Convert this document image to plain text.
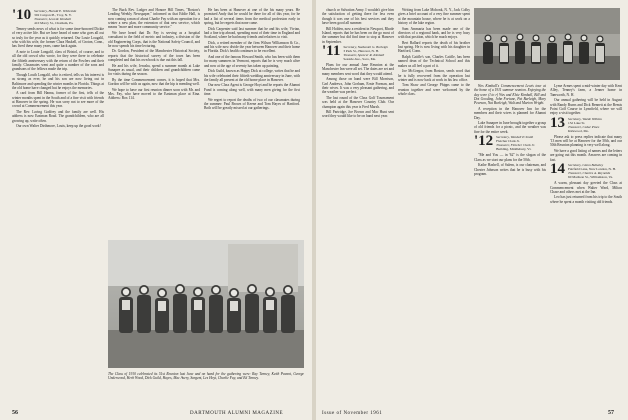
'10 Secretary, Harold E. Whiteside
302 Canyon Pl., Troy, N. Y.
Treasurer, Leon R. Kimball
410 Marcy St., Chatham, Pa.

Tenney sends news of what is for some time-honored Dickie of very active life. But we have heard of none who goes all out so truly for the year as it quickly returned. Our Louie Lougalil, who with his wife, the former Clara Haskell, of Groton, Conn., has lived these many years, came back again.

A note to Louie Longalil, class of Bristol, of course, and to all the old crowd who wrote, for they were there to celebrate the fiftieth anniversary with the return of the Fowlers and their family. Classmates went and quite a number of the sons and grandsons of the fellows made the trip.

Though Louth Longalil, who is retired, tells us his interest is as strong as ever, he and his son are now living out in Baltimore and spending the winter months in Florida. Things at the old home have changed but he enjoys the memories.

A card from Bill Hanna, former of the first, tells of the winter months spent in the South and of a fine visit with friends at Hanover in the spring. He was sorry not to see more of the crowd at Commencement this year.

The Rev. Loring Godfrey and the family are well. His address is now Eastman Road. The grandchildren, who are all growing up, write often.

Our own Walter Dirthmore, Louis, keep up the good work!

The Buck Rev. Lodger and Honore Hill Times, "Boston's Leading Weekly Newspaper," informed us that Eddie Hall, is now coming a man of about Charlie Fay with an operation for a winter a new plan, the extension of that new service, which means "more and more community service."

We have heard that Dr. Fay is serving as a hospital consultant to the field of metric and industry, a division of the old Engineering Corps, that is the National Safety Council, and he now spends his time lecturing.

Dr. Gordon, President of the Manchester Historical Society, reports that the historical survey of the town has been completed and that his own book is due out this fall.

He and his wife, Jerusha, spend a summer month at Lake Sunapee as usual, and their children and grandchildren came for visits during the season.

By the time Commencement comes, it is hoped that Mrs. Gordon will be with us again, now that the hip is mending well.

We hope to have our first reunion dinner soon with Mr. and Mrs. Fay, who have moved to the Eastman place at Etna. Address: Box 114.

He has been at Hanover at one of the his many years. He promised Andy that he would be there for all of this year, for he had a list of several items from the medical profession early in spring, but he regrets that none came.

Dick Carpenter said last summer that he and his wife, Vivian, had a fine trip abroad, spending most of their time in England and Scotland, where he had many friends and relatives to visit.

Dick, a retired member of the firm Wilson Williamson & Co., and his wife now divide the year between Hanover and their home in Florida. Dick's health continues to be excellent.

And one of the famous Howard Smith, who has been with them for many summers in Vermont, reports that he is very much alive and now at the age of seventy has taken up painting.

Dick Guild, known as Happy Dick at college, writes that he and his wife celebrated their fiftieth wedding anniversary in June, with the family all present at the old home place in Hanover.

Our new Class Agent is George Hoyt and he reports the Alumni Fund is coming along well, with many men giving for the first time.

We regret to report the deaths of two of our classmates during the summer: Paul Brown of Keene and Tom Hayes of Hartford. Both will be greatly missed at our gatherings.

The Class of 1910 celebrated its 51st Reunion last June and on hand for the gathering were: Ray Tenney, Keith Pavant, George Underwood, Herb Wood, Dick Guild, Hayes, Mac Avery, Sargent, Les Hoyt, Charlie Fay, and Ed Tenney.
56	DARTMOUTH ALUMNI MAGAZINE

church or Salvation Army. I wouldn't give him the satisfaction of getting there for less even though it was one of his best services and they have been good all summer.

Bill Holden, now a resident in Newport, Rhode Island, reports that he has been on the go most of the summer but did find time to stop at Hanover in September.

'11 Secretary, Nathaniel G. Burleigh
3 Park St., Hanover, N. H.
Treasurer, Spencer R. Kimball
Seaside Ave., Saco, Me.

Plans for our annual June Reunion at the Manchester Inn were all set. The dates are set and many members sent word that they would attend.

Among those on hand were Bill Morrison, Carl Andrews, John Gorham, Ernie Forman, and their wives. It was a very pleasant gathering, and the weather was perfect.

The last round of the Class Golf Tournament was held at the Hanover Country Club. Our champion again this year is Fred Marsh.

Bill Partridge, Joe Brown and Mac Hunt sent word they would like to be on hand next year.

Writing from Lake Mohonk, N. Y., Jack Colby gives a brief account of a very fine summer spent at the mountain house, where he is at work on a history of the lake region.

Sam Ammaria has been made one of the directors of a regional bank, and he is very busy with that position, which he much enjoys.

Bert Ballard reports the death of his brother last spring. He is now living with his daughter in Hartford, Conn.

Ralph Caitfle's son, Charles Caitfle, has been named dean of the Technical School and this makes us all feel a part of it.

Joe McGregor, from Boston, sends word that he is fully recovered from the operation last winter and is now back at work in his law office.

Tom Shaw and George Phipps came to the reunion together and were welcomed by the whole class.

Wes Kimball's Commencement Lewis tour at the home of a 1911 summer reunion. Enjoying the day were (l to r) Wes and Elsie Kimball, Bill and Dot Gooding, John Fortune, Pat Burleigh, Mary Pearson, Nat Burleigh, Walt and Marion Wright.

A reception in the Hanover Inn for the members and their wives is planned for Alumni Day.

Lake Sunapee in June brought together a group of old friends for a picnic, and the weather was fine for the entire week.

'12 Secretary, Wendell P. Smith
Fletcher Clark Jr.
Treasurer, Fletcher Clark Jr.
Building, Middlebury, Vt.

"Me and You — in '62" is the slogan of the Class as we start our plans for the 50th.

Kathe Hasbell, of Salem, is our chairman, and Chester Johnson writes that he is busy with his program.

Lyme Armes spent a mid-winter day with Kent Alley, Tenney's farm, a Jenner home in Tamworth, N. H.

Our annual gathering will be held in August with Randy Burns and Dick Bennett at the Bemis Point Golf Course in Lynnfield, where we will enjoy a visit together.

13 Secretary, Warde Wilkins
152 Lake St.
Treasurer, Cedar Pines
Kirkwood, Mo.

Please ask to press replies indicate that many '13 men will be at Hanover for the 50th, and our 50th Reunion planning is very well along.

We have a good listing of names and the letters are going out this month. Answers are coming in fast.

14 Secretary, Glenn Bulkeley
Fairfield Lane, New London, N. H.
Treasurer, Charles A. Reynolds
60 Madison St., Williamston, Va.

A warm, pleasant day greeted the Class at Commencement when Walter Ward, Milton Chase and others met at the Inn.

Leo has just returned from his trip to the South where he spent a month visiting old friends.

Issue of November 1961	57
